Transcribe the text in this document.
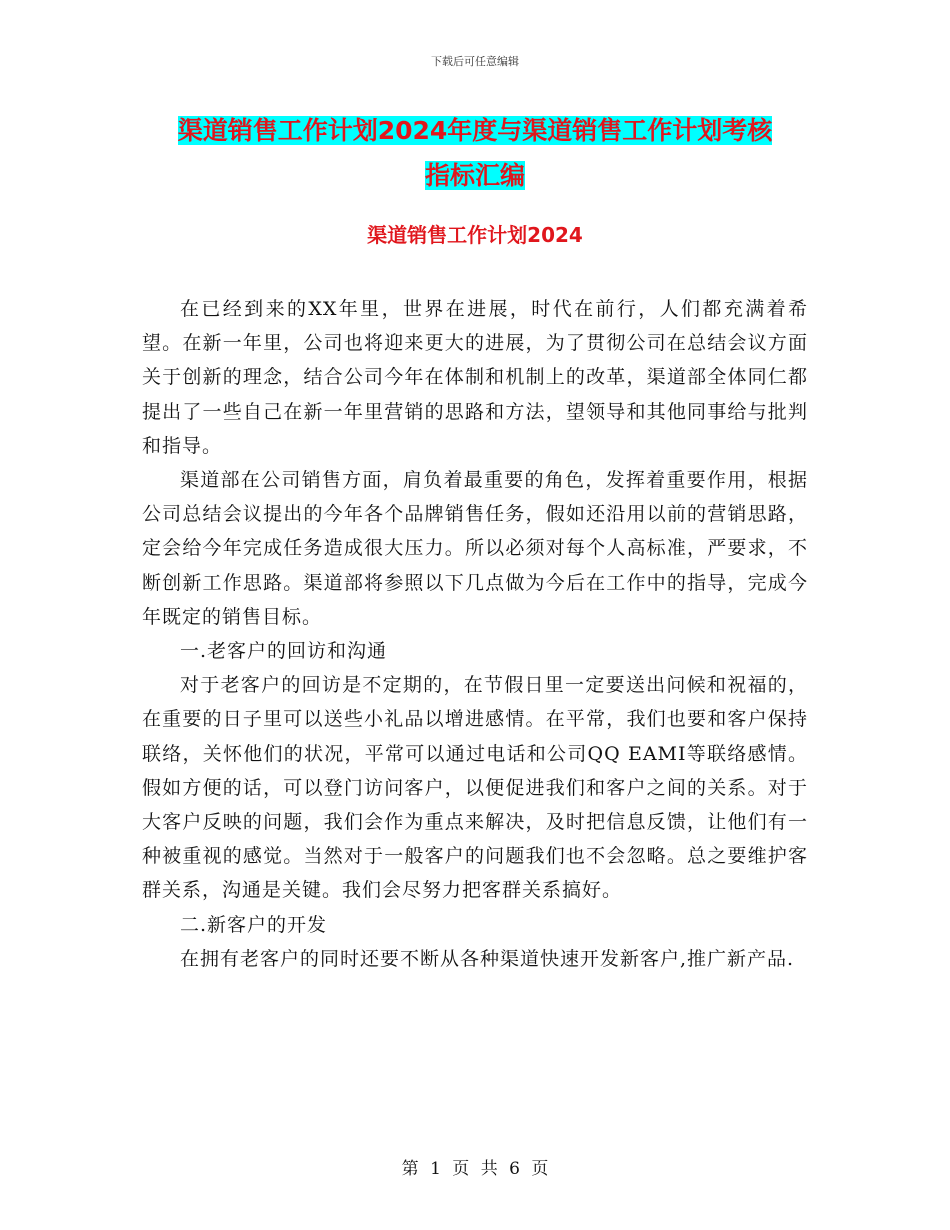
下载后可任意编辑
渠道销售工作计划2024年度与渠道销售工作计划考核
指标汇编
渠道销售工作计划2024

在已经到来的XX年里，世界在进展，时代在前行，人们都充满着希望。在新一年里，公司也将迎来更大的进展，为了贯彻公司在总结会议方面关于创新的理念，结合公司今年在体制和机制上的改革，渠道部全体同仁都提出了一些自己在新一年里营销的思路和方法，望领导和其他同事给与批判和指导。

渠道部在公司销售方面，肩负着最重要的角色，发挥着重要作用，根据公司总结会议提出的今年各个品牌销售任务，假如还沿用以前的营销思路，定会给今年完成任务造成很大压力。所以必须对每个人高标准，严要求，不断创新工作思路。渠道部将参照以下几点做为今后在工作中的指导，完成今年既定的销售目标。

一.老客户的回访和沟通

对于老客户的回访是不定期的，在节假日里一定要送出问候和祝福的，在重要的日子里可以送些小礼品以增进感情。在平常，我们也要和客户保持联络，关怀他们的状况，平常可以通过电话和公司QQ EAMI等联络感情。假如方便的话，可以登门访问客户，以便促进我们和客户之间的关系。对于大客户反映的问题，我们会作为重点来解决，及时把信息反馈，让他们有一种被重视的感觉。当然对于一般客户的问题我们也不会忽略。总之要维护客群关系，沟通是关键。我们会尽努力把客群关系搞好。

二.新客户的开发

在拥有老客户的同时还要不断从各种渠道快速开发新客户,推广新产品.

第 1 页 共 6 页
